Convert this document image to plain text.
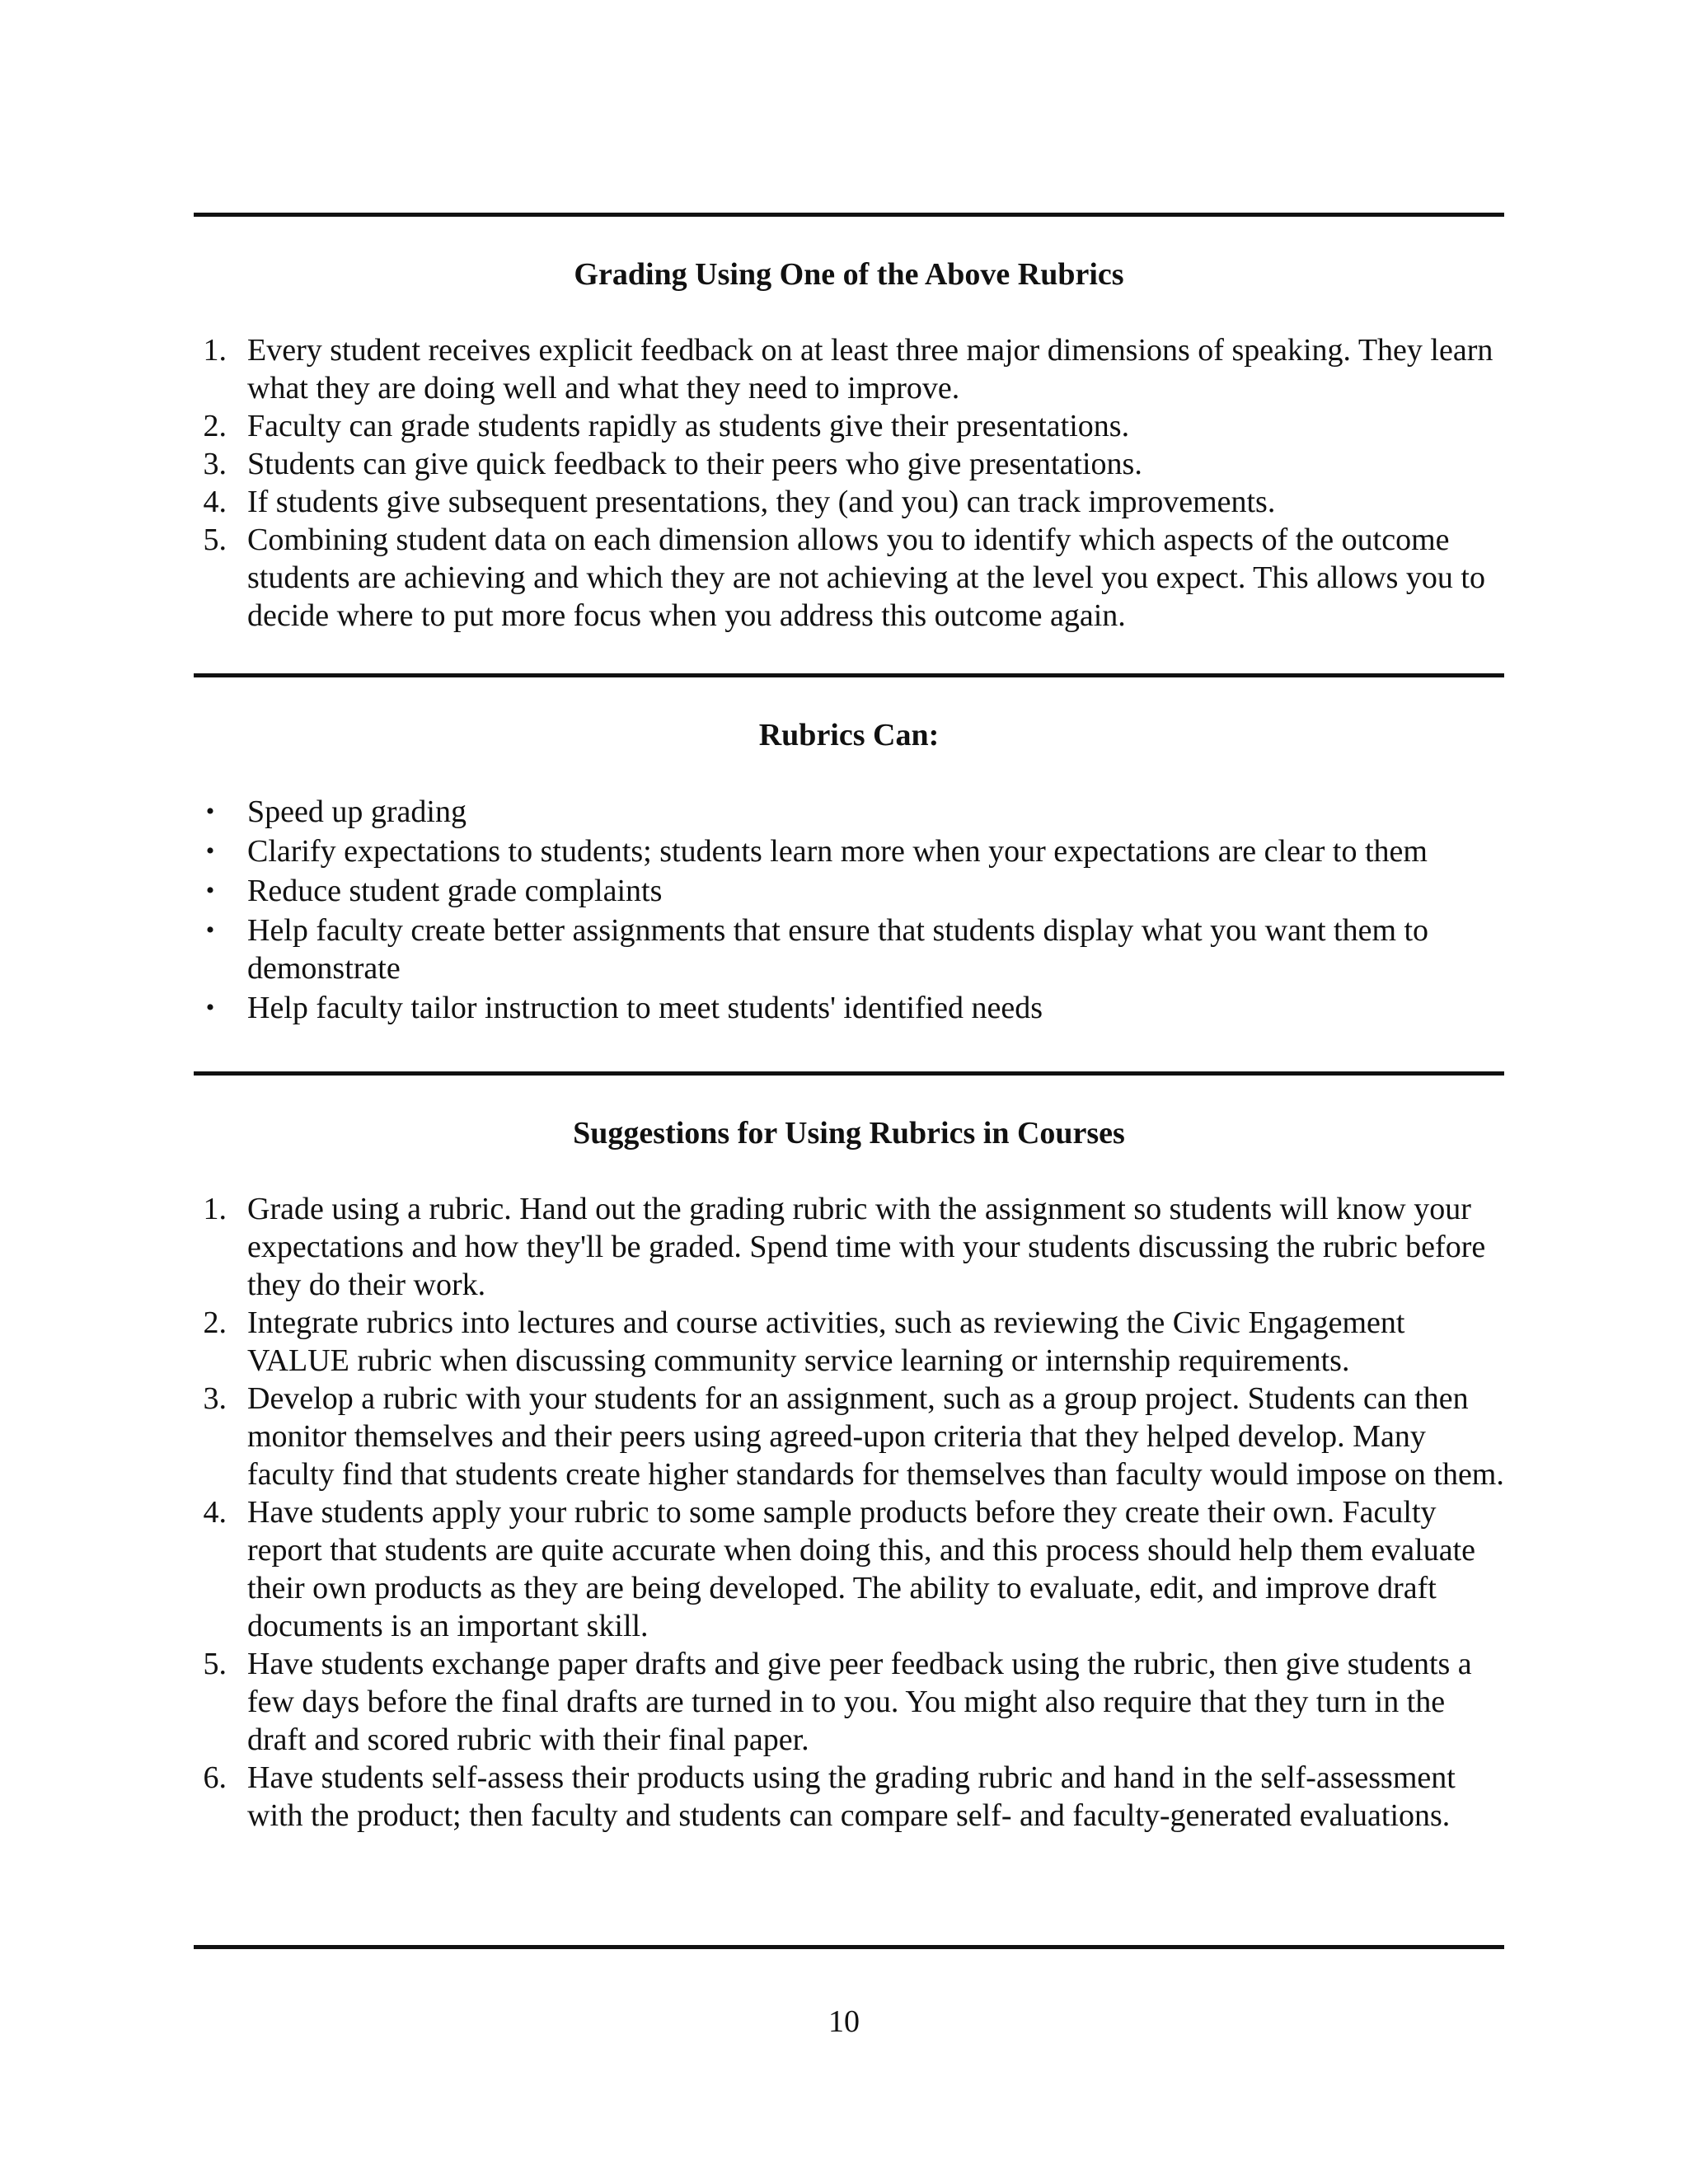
Grading Using One of the Above Rubrics
1. Every student receives explicit feedback on at least three major dimensions of speaking. They learn what they are doing well and what they need to improve.
2. Faculty can grade students rapidly as students give their presentations.
3. Students can give quick feedback to their peers who give presentations.
4. If students give subsequent presentations, they (and you) can track improvements.
5. Combining student data on each dimension allows you to identify which aspects of the outcome students are achieving and which they are not achieving at the level you expect. This allows you to decide where to put more focus when you address this outcome again.
Rubrics Can:
• Speed up grading
• Clarify expectations to students; students learn more when your expectations are clear to them
• Reduce student grade complaints
• Help faculty create better assignments that ensure that students display what you want them to demonstrate
• Help faculty tailor instruction to meet students' identified needs
Suggestions for Using Rubrics in Courses
1. Grade using a rubric. Hand out the grading rubric with the assignment so students will know your expectations and how they'll be graded. Spend time with your students discussing the rubric before they do their work.
2. Integrate rubrics into lectures and course activities, such as reviewing the Civic Engagement VALUE rubric when discussing community service learning or internship requirements.
3. Develop a rubric with your students for an assignment, such as a group project. Students can then monitor themselves and their peers using agreed-upon criteria that they helped develop. Many faculty find that students create higher standards for themselves than faculty would impose on them.
4. Have students apply your rubric to some sample products before they create their own. Faculty report that students are quite accurate when doing this, and this process should help them evaluate their own products as they are being developed. The ability to evaluate, edit, and improve draft documents is an important skill.
5. Have students exchange paper drafts and give peer feedback using the rubric, then give students a few days before the final drafts are turned in to you. You might also require that they turn in the draft and scored rubric with their final paper.
6. Have students self-assess their products using the grading rubric and hand in the self-assessment with the product; then faculty and students can compare self- and faculty-generated evaluations.
10
